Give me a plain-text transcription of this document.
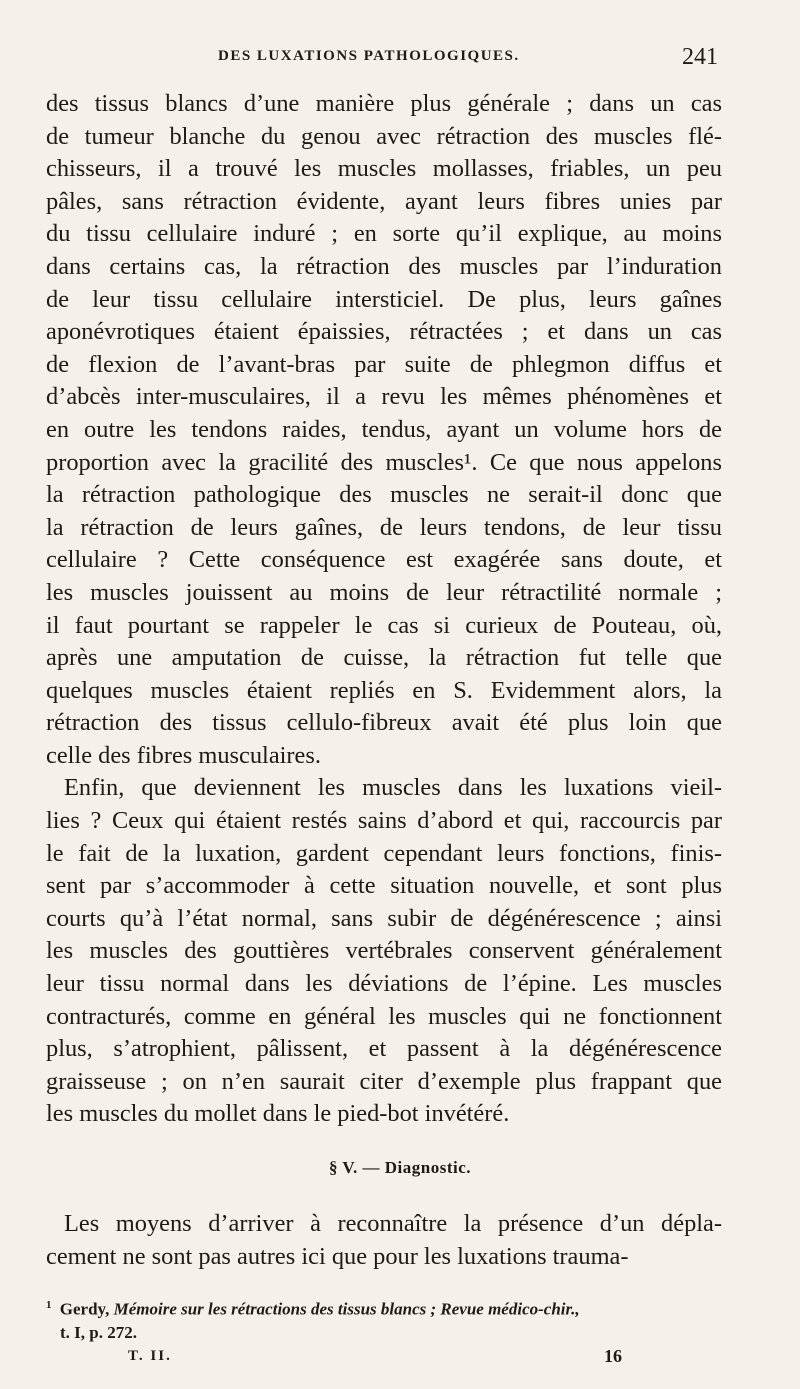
DES LUXATIONS PATHOLOGIQUES.	241
des tissus blancs d’une manière plus générale ; dans un cas
de tumeur blanche du genou avec rétraction des muscles flé-
chisseurs, il a trouvé les muscles mollasses, friables, un peu
pâles, sans rétraction évidente, ayant leurs fibres unies par
du tissu cellulaire induré ; en sorte qu’il explique, au moins
dans certains cas, la rétraction des muscles par l’induration
de leur tissu cellulaire intersticiel. De plus, leurs gaînes
aponévrotiques étaient épaissies, rétractées ; et dans un cas
de flexion de l’avant-bras par suite de phlegmon diffus et
d’abcès inter-musculaires, il a revu les mêmes phénomènes et
en outre les tendons raides, tendus, ayant un volume hors de
proportion avec la gracilité des muscles¹. Ce que nous appelons
la rétraction pathologique des muscles ne serait-il donc que
la rétraction de leurs gaînes, de leurs tendons, de leur tissu
cellulaire ? Cette conséquence est exagérée sans doute, et
les muscles jouissent au moins de leur rétractilité normale ;
il faut pourtant se rappeler le cas si curieux de Pouteau, où,
après une amputation de cuisse, la rétraction fut telle que
quelques muscles étaient repliés en S. Evidemment alors, la
rétraction des tissus cellulo-fibreux avait été plus loin que
celle des fibres musculaires.
Enfin, que deviennent les muscles dans les luxations vieil-
lies ? Ceux qui étaient restés sains d’abord et qui, raccourcis par
le fait de la luxation, gardent cependant leurs fonctions, finis-
sent par s’accommoder à cette situation nouvelle, et sont plus
courts qu’à l’état normal, sans subir de dégénérescence ; ainsi
les muscles des gouttières vertébrales conservent généralement
leur tissu normal dans les déviations de l’épine. Les muscles
contracturés, comme en général les muscles qui ne fonctionnent
plus, s’atrophient, pâlissent, et passent à la dégénérescence
graisseuse ; on n’en saurait citer d’exemple plus frappant que
les muscles du mollet dans le pied-bot invétéré.
§ V. — Diagnostic.
Les moyens d’arriver à reconnaître la présence d’un dépla-
cement ne sont pas autres ici que pour les luxations trauma-
$^1$ Gerdy, Mémoire sur les rétractions des tissus blancs ; Revue médico-chir.,
t. I, p. 272.
T. II.	16
